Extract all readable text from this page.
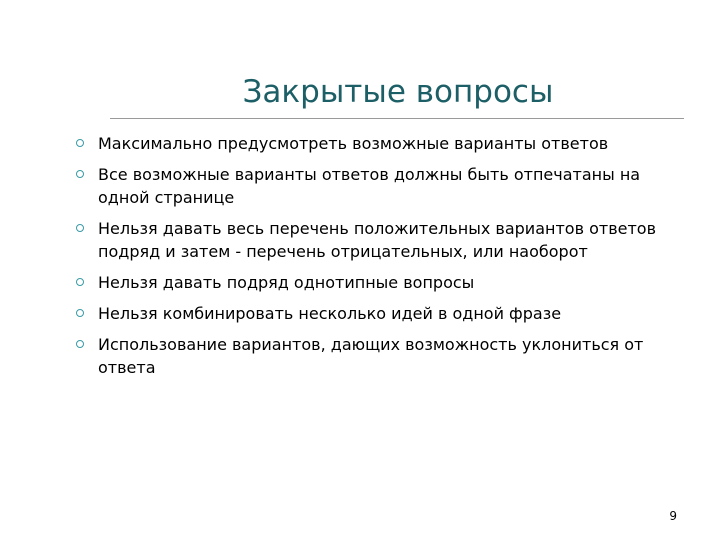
Закрытые вопросы
Максимально предусмотреть возможные варианты ответов
Все возможные варианты ответов должны быть отпечатаны на одной странице
Нельзя давать весь перечень положительных вариантов ответов подряд и затем - перечень отрицательных, или наоборот
Нельзя давать подряд однотипные вопросы
Нельзя комбинировать несколько идей в одной фразе
Использование вариантов, дающих возможность уклониться от ответа
9
